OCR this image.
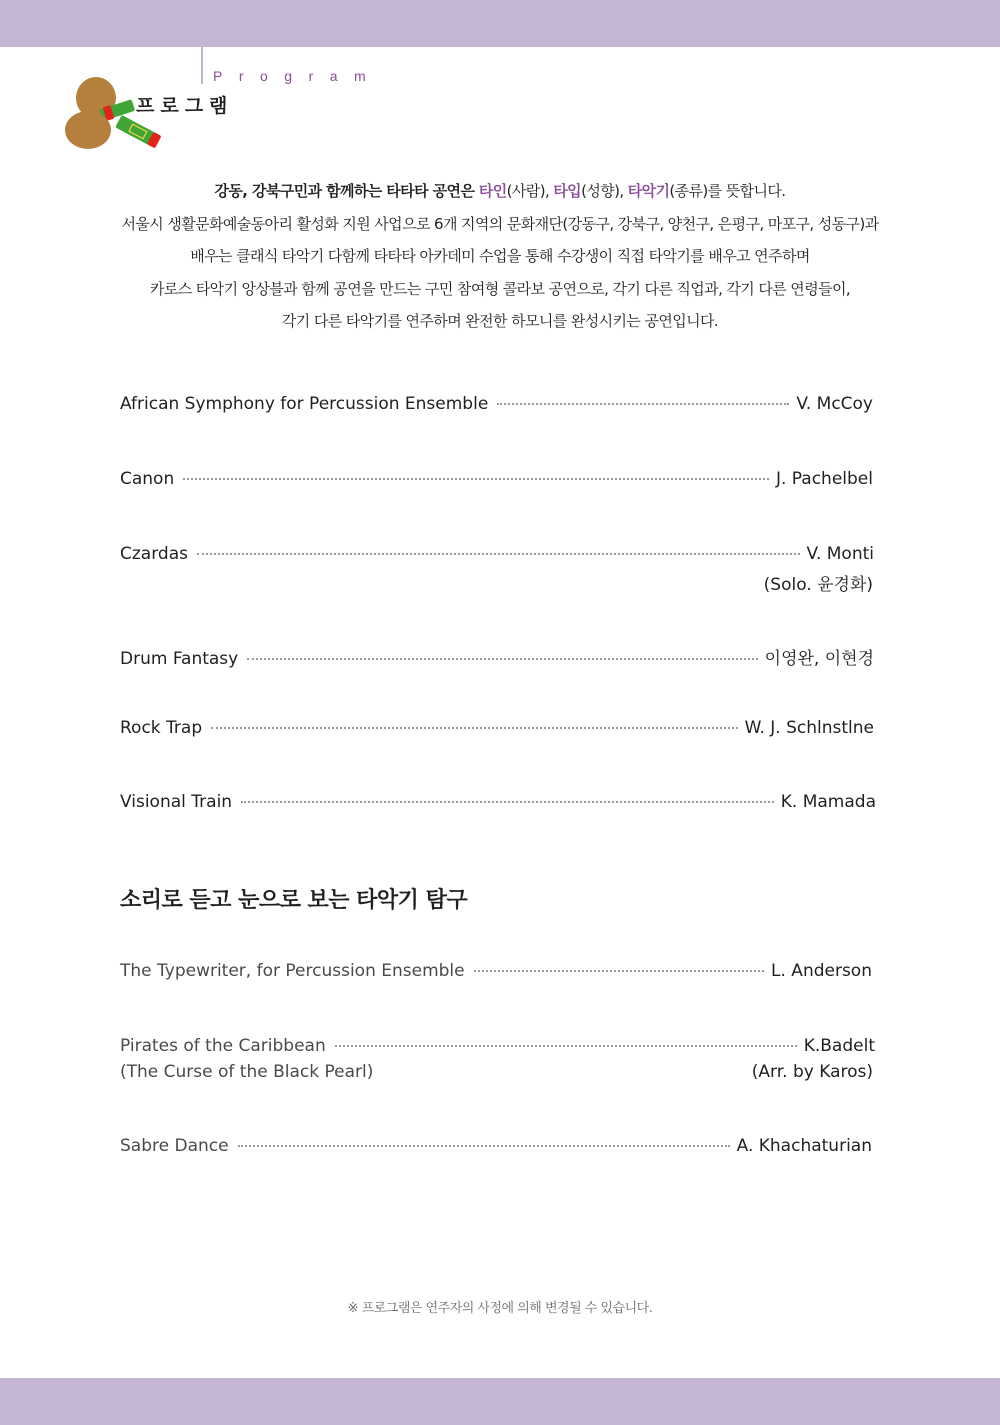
Program
프로그램
강동, 강북구민과 함께하는 타타타 공연은 타인(사람), 타입(성향), 타악기(종류)를 뜻합니다.
서울시 생활문화예술동아리 활성화 지원 사업으로 6개 지역의 문화재단(강동구, 강북구, 양천구, 은평구, 마포구, 성동구)과
배우는 클래식 타악기 다함께 타타타 아카데미 수업을 통해 수강생이 직접 타악기를 배우고 연주하며
카로스 타악기 앙상블과 함께 공연을 만드는 구민 참여형 콜라보 공연으로, 각기 다른 직업과, 각기 다른 연령들이,
각기 다른 타악기를 연주하며 완전한 하모니를 완성시키는 공연입니다.
African Symphony for Percussion Ensemble	V. McCoy
Canon	J. Pachelbel
Czardas	V. Monti
(Solo. 윤경화)
Drum Fantasy	이영완, 이현경
Rock Trap	W. J. Schlnstlne
Visional Train	K. Mamada
소리로 듣고 눈으로 보는 타악기 탐구
The Typewriter, for Percussion Ensemble	L. Anderson
Pirates of the Caribbean	K.Badelt
(The Curse of the Black Pearl)	(Arr. by Karos)
Sabre Dance	A. Khachaturian
※ 프로그램은 연주자의 사정에 의해 변경될 수 있습니다.
